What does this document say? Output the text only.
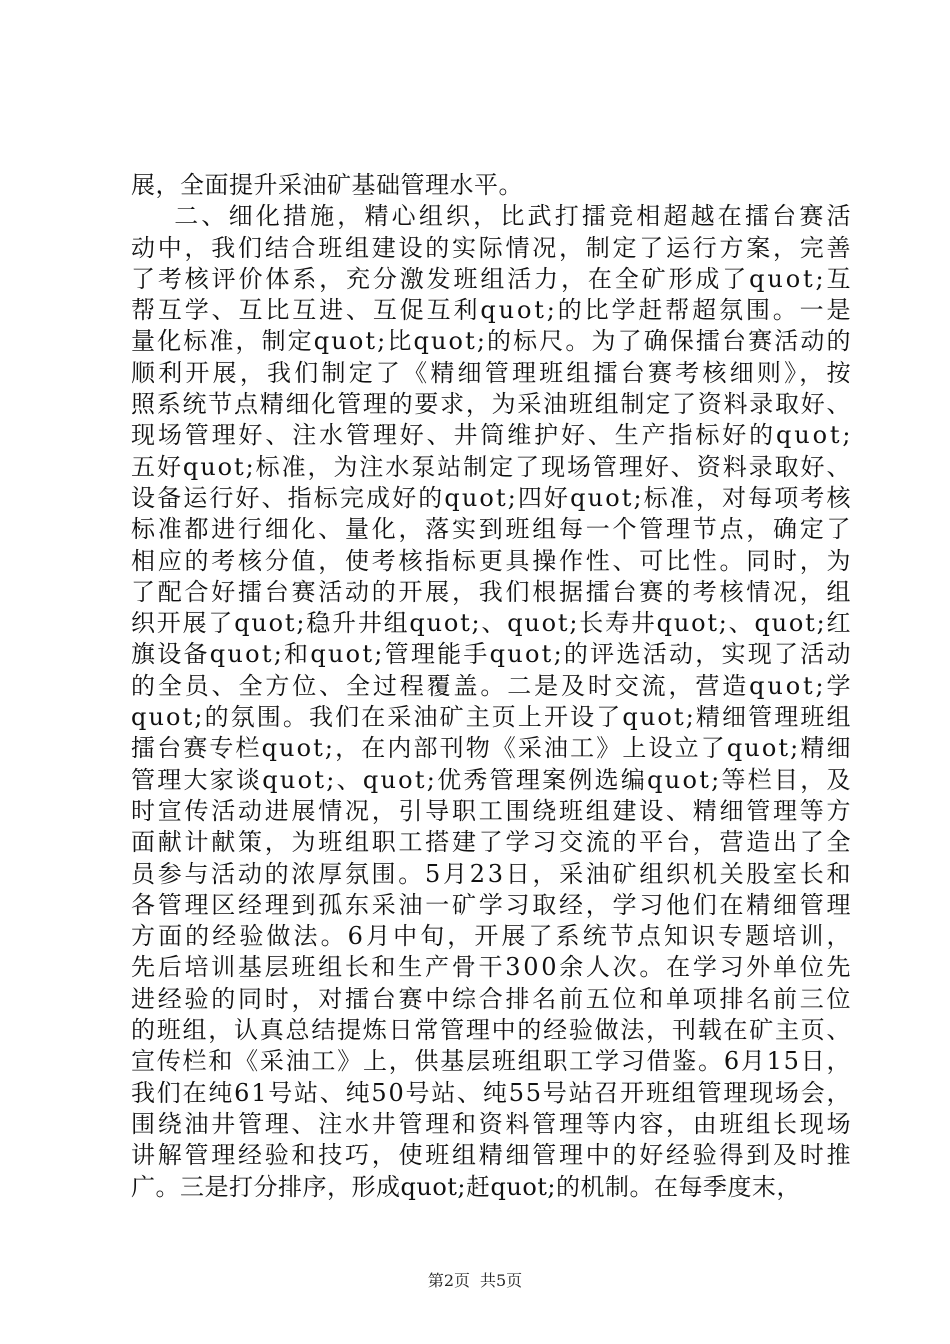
展，全面提升采油矿基础管理水平。
二、细化措施，精心组织，比武打擂竞相超越在擂台赛活
动中，我们结合班组建设的实际情况，制定了运行方案，完善
了考核评价体系，充分激发班组活力，在全矿形成了quot;互
帮互学、互比互进、互促互利quot;的比学赶帮超氛围。一是
量化标准，制定quot;比quot;的标尺。为了确保擂台赛活动的
顺利开展，我们制定了《精细管理班组擂台赛考核细则》，按
照系统节点精细化管理的要求，为采油班组制定了资料录取好、
现场管理好、注水管理好、井筒维护好、生产指标好的quot;
五好quot;标准，为注水泵站制定了现场管理好、资料录取好、
设备运行好、指标完成好的quot;四好quot;标准，对每项考核
标准都进行细化、量化，落实到班组每一个管理节点，确定了
相应的考核分值，使考核指标更具操作性、可比性。同时，为
了配合好擂台赛活动的开展，我们根据擂台赛的考核情况，组
织开展了quot;稳升井组quot;、quot;长寿井quot;、quot;红
旗设备quot;和quot;管理能手quot;的评选活动，实现了活动
的全员、全方位、全过程覆盖。二是及时交流，营造quot;学
quot;的氛围。我们在采油矿主页上开设了quot;精细管理班组
擂台赛专栏quot;，在内部刊物《采油工》上设立了quot;精细
管理大家谈quot;、quot;优秀管理案例选编quot;等栏目，及
时宣传活动进展情况，引导职工围绕班组建设、精细管理等方
面献计献策，为班组职工搭建了学习交流的平台，营造出了全
员参与活动的浓厚氛围。5月23日，采油矿组织机关股室长和
各管理区经理到孤东采油一矿学习取经，学习他们在精细管理
方面的经验做法。6月中旬，开展了系统节点知识专题培训，
先后培训基层班组长和生产骨干300余人次。在学习外单位先
进经验的同时，对擂台赛中综合排名前五位和单项排名前三位
的班组，认真总结提炼日常管理中的经验做法，刊载在矿主页、
宣传栏和《采油工》上，供基层班组职工学习借鉴。6月15日，
我们在纯61号站、纯50号站、纯55号站召开班组管理现场会，
围绕油井管理、注水井管理和资料管理等内容，由班组长现场
讲解管理经验和技巧，使班组精细管理中的好经验得到及时推
广。三是打分排序，形成quot;赶quot;的机制。在每季度末，
第2页 共5页
